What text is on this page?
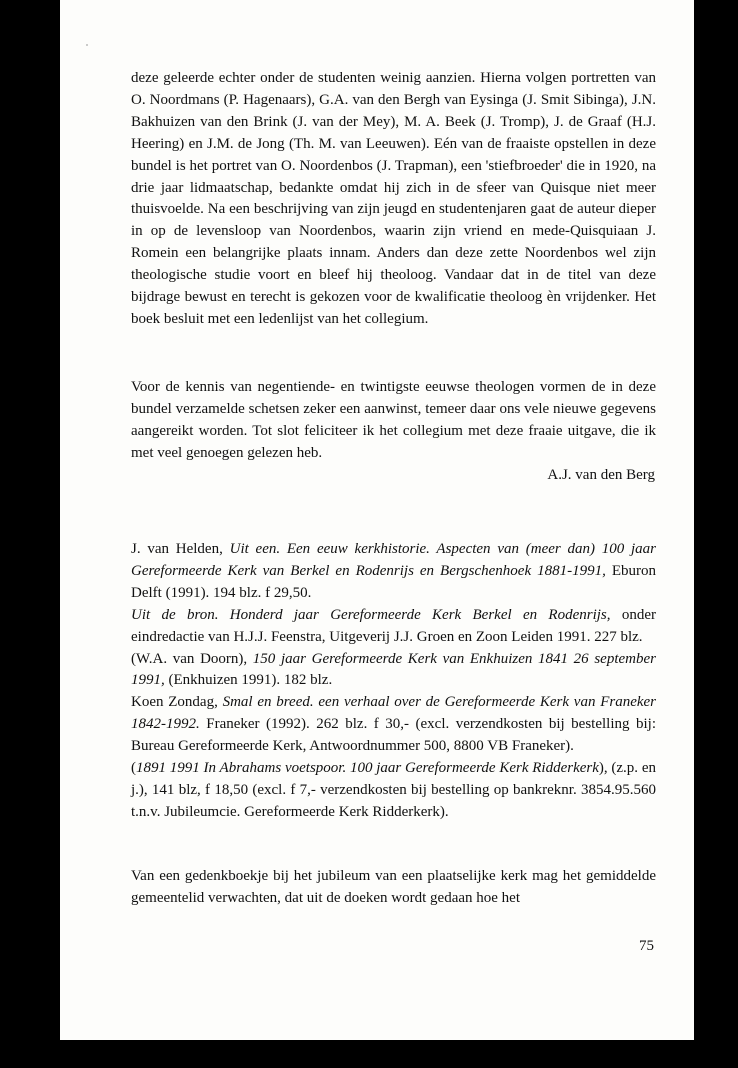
deze geleerde echter onder de studenten weinig aanzien. Hierna volgen portretten van O. Noordmans (P. Hagenaars), G.A. van den Bergh van Eysinga (J. Smit Sibinga), J.N. Bakhuizen van den Brink (J. van der Mey), M. A. Beek (J. Tromp), J. de Graaf (H.J. Heering) en J.M. de Jong (Th. M. van Leeuwen). Eén van de fraaiste opstellen in deze bundel is het portret van O. Noordenbos (J. Trapman), een 'stiefbroeder' die in 1920, na drie jaar lidmaatschap, bedankte omdat hij zich in de sfeer van Quisque niet meer thuisvoelde. Na een beschrijving van zijn jeugd en studentenjaren gaat de auteur dieper in op de levensloop van Noordenbos, waarin zijn vriend en mede-Quisquiaan J. Romein een belangrijke plaats innam. Anders dan deze zette Noordenbos wel zijn theologische studie voort en bleef hij theoloog. Vandaar dat in de titel van deze bijdrage bewust en terecht is gekozen voor de kwalificatie theoloog èn vrijdenker. Het boek besluit met een ledenlijst van het collegium.

Voor de kennis van negentiende- en twintigste eeuwse theologen vormen de in deze bundel verzamelde schetsen zeker een aanwinst, temeer daar ons vele nieuwe gegevens aangereikt worden. Tot slot feliciteer ik het collegium met deze fraaie uitgave, die ik met veel genoegen gelezen heb.

A.J. van den Berg

J. van Helden, Uit een. Een eeuw kerkhistorie. Aspecten van (meer dan) 100 jaar Gereformeerde Kerk van Berkel en Rodenrijs en Bergschenhoek 1881-1991, Eburon Delft (1991). 194 blz. f 29,50.

Uit de bron. Honderd jaar Gereformeerde Kerk Berkel en Rodenrijs, onder eindredactie van H.J.J. Feenstra, Uitgeverij J.J. Groen en Zoon Leiden 1991. 227 blz.

(W.A. van Doorn), 150 jaar Gereformeerde Kerk van Enkhuizen 1841 26 september 1991, (Enkhuizen 1991). 182 blz.

Koen Zondag, Smal en breed. een verhaal over de Gereformeerde Kerk van Franeker 1842-1992. Franeker (1992). 262 blz. f 30,- (excl. verzendkosten bij bestelling bij: Bureau Gereformeerde Kerk, Antwoordnummer 500, 8800 VB Franeker).

(1891 1991 In Abrahams voetspoor. 100 jaar Gereformeerde Kerk Ridderkerk), (z.p. en j.), 141 blz, f 18,50 (excl. f 7,- verzendkosten bij bestelling op bankreknr. 3854.95.560 t.n.v. Jubileumcie. Gereformeerde Kerk Ridderkerk).

Van een gedenkboekje bij het jubileum van een plaatselijke kerk mag het gemiddelde gemeentelid verwachten, dat uit de doeken wordt gedaan hoe het

75
